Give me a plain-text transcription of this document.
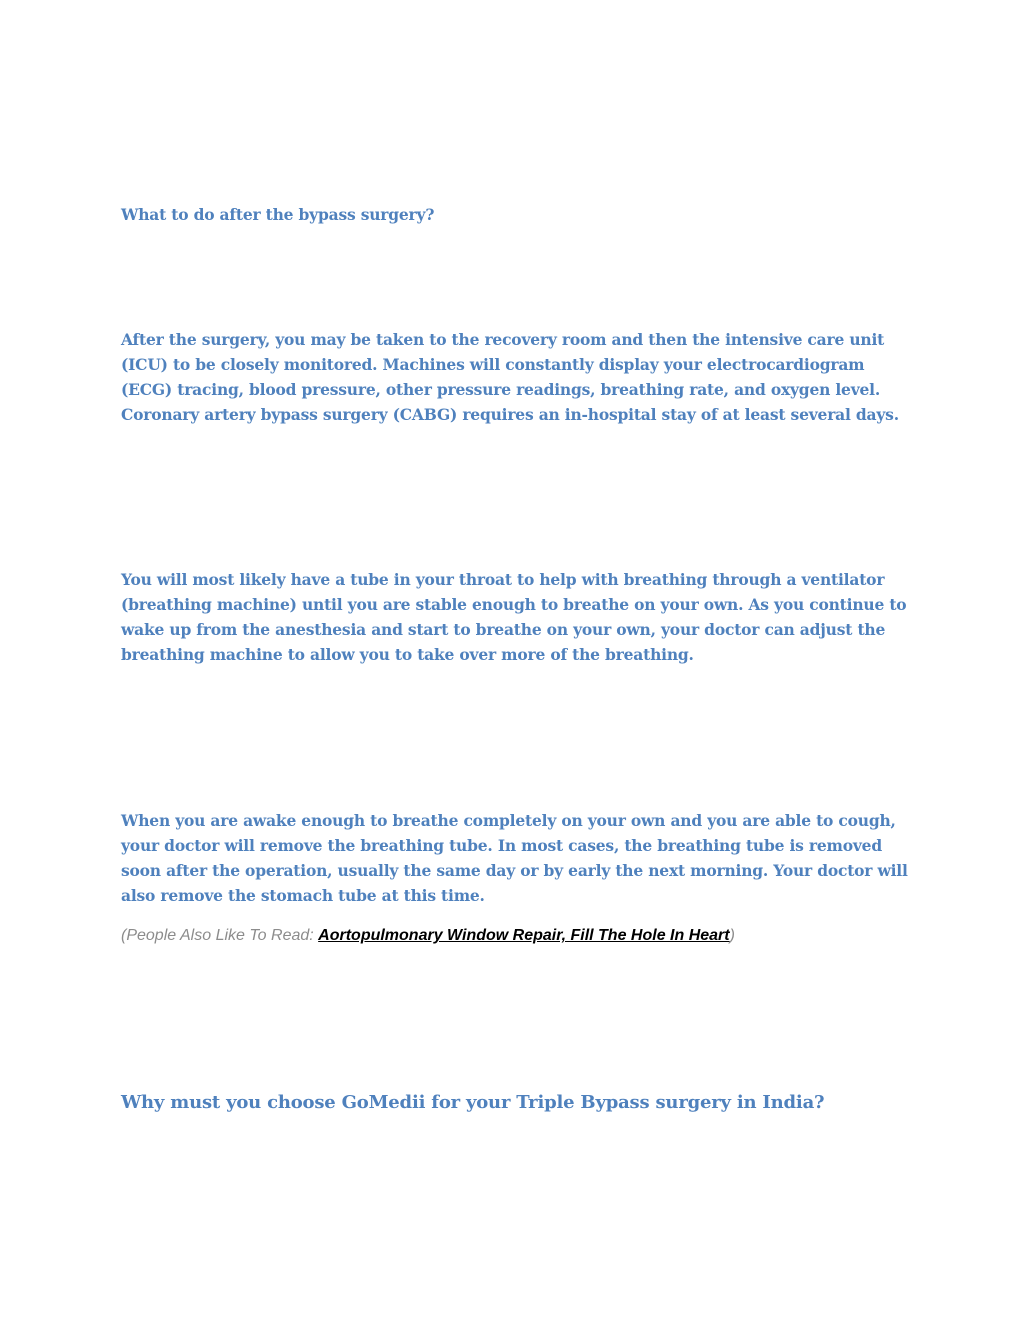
What to do after the bypass surgery?

After the surgery, you may be taken to the recovery room and then the intensive care unit (ICU) to be closely monitored. Machines will constantly display your electrocardiogram (ECG) tracing, blood pressure, other pressure readings, breathing rate, and oxygen level. Coronary artery bypass surgery (CABG) requires an in-hospital stay of at least several days.

You will most likely have a tube in your throat to help with breathing through a ventilator (breathing machine) until you are stable enough to breathe on your own. As you continue to wake up from the anesthesia and start to breathe on your own, your doctor can adjust the breathing machine to allow you to take over more of the breathing.

When you are awake enough to breathe completely on your own and you are able to cough, your doctor will remove the breathing tube. In most cases, the breathing tube is removed soon after the operation, usually the same day or by early the next morning. Your doctor will also remove the stomach tube at this time.

(People Also Like To Read: Aortopulmonary Window Repair, Fill The Hole In Heart)

Why must you choose GoMedii for your Triple Bypass surgery in India?
